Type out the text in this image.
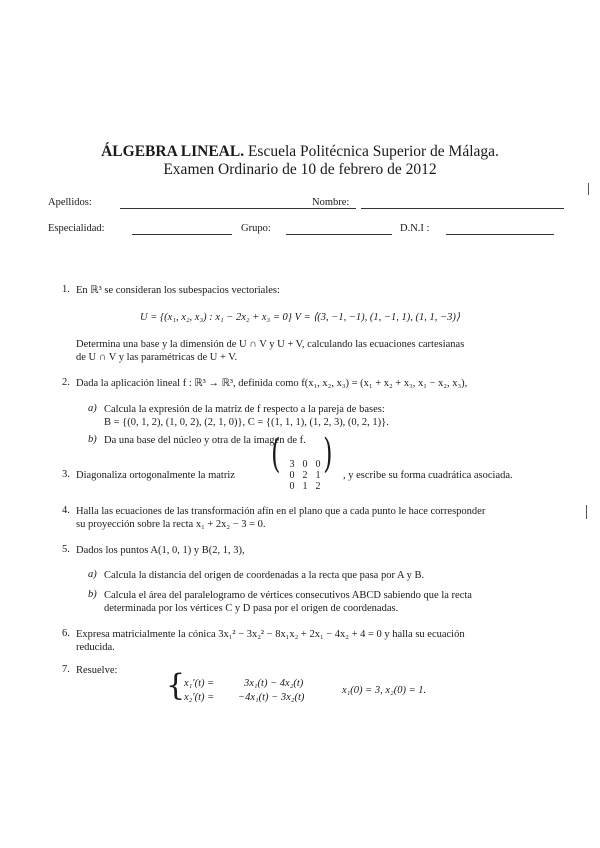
ÁLGEBRA LINEAL. Escuela Politécnica Superior de Málaga.
Examen Ordinario de 10 de febrero de 2012
Apellidos:	Nombre:
Especialidad:	Grupo:	D.N.I :
1. En ℝ³ se consideran los subespacios vectoriales:
U = {(x₁, x₂, x₃) : x₁ − 2x₂ + x₃ = 0} V = ⟨(3, −1, −1), (1, −1, 1), (1, 1, −3)⟩
Determina una base y la dimensión de U ∩ V y U + V, calculando las ecuaciones cartesianas
de U ∩ V y las paramétricas de U + V.
2. Dada la aplicación lineal f : ℝ³ → ℝ³, definida como f(x₁, x₂, x₃) = (x₁ + x₂ + x₃, x₁ − x₂, x₃),
a) Calcula la expresión de la matriz de f respecto a la pareja de bases:
B = {(0, 1, 2), (1, 0, 2), (2, 1, 0)}, C = {(1, 1, 1), (1, 2, 3), (0, 2, 1)}.
b) Da una base del núcleo y otra de la imagen de f.
3. Diagonaliza ortogonalmente la matriz ( )
3 0 0
0 2 1
0 1 2
, y escribe su forma cuadrática asociada.
4. Halla las ecuaciones de las transformación afín en el plano que a cada punto le hace corresponder
su proyección sobre la recta x₁ + 2x₂ − 3 = 0.
5. Dados los puntos A(1, 0, 1) y B(2, 1, 3),
a) Calcula la distancia del origen de coordenadas a la recta que pasa por A y B.
b) Calcula el área del paralelogramo de vértices consecutivos ABCD sabiendo que la recta
determinada por los vértices C y D pasa por el origen de coordenadas.
6. Expresa matricialmente la cónica 3x₁² − 3x₂² − 8x₁x₂ + 2x₁ − 4x₂ + 4 = 0 y halla su ecuación
reducida.
7. Resuelve: {
x₁′(t) =	3x₁(t) − 4x₂(t)
x₂′(t) = −4x₁(t) − 3x₂(t)
x₁(0) = 3, x₂(0) = 1.
